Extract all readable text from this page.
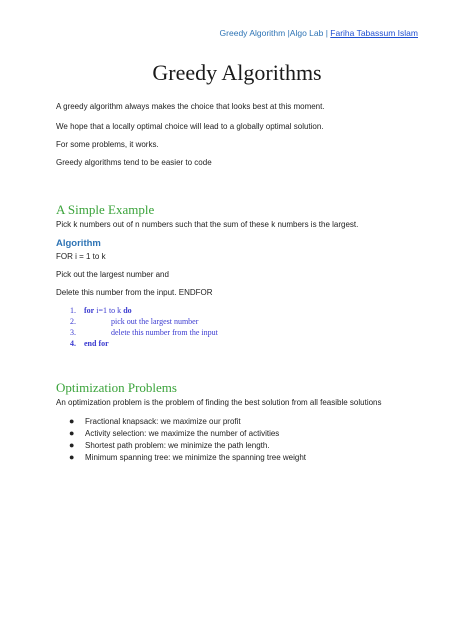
Greedy Algorithm |Algo Lab | Fariha Tabassum Islam
Greedy Algorithms
A greedy algorithm always makes the choice that looks best at this moment.
We hope that a locally optimal choice will lead to a globally optimal solution.
For some problems, it works.
Greedy algorithms tend to be easier to code
A Simple Example
Pick k numbers out of n numbers such that the sum of these k numbers is the largest.
Algorithm
FOR i = 1 to k
Pick out the largest number and
Delete this number from the input. ENDFOR
1. for i=1 to k do
2.	pick out the largest number
3.	delete this number from the input
4. end for
Optimization Problems
An optimization problem is the problem of finding the best solution from all feasible solutions
● Fractional knapsack: we maximize our profit
● Activity selection: we maximize the number of activities
● Shortest path problem: we minimize the path length.
● Minimum spanning tree: we minimize the spanning tree weight
